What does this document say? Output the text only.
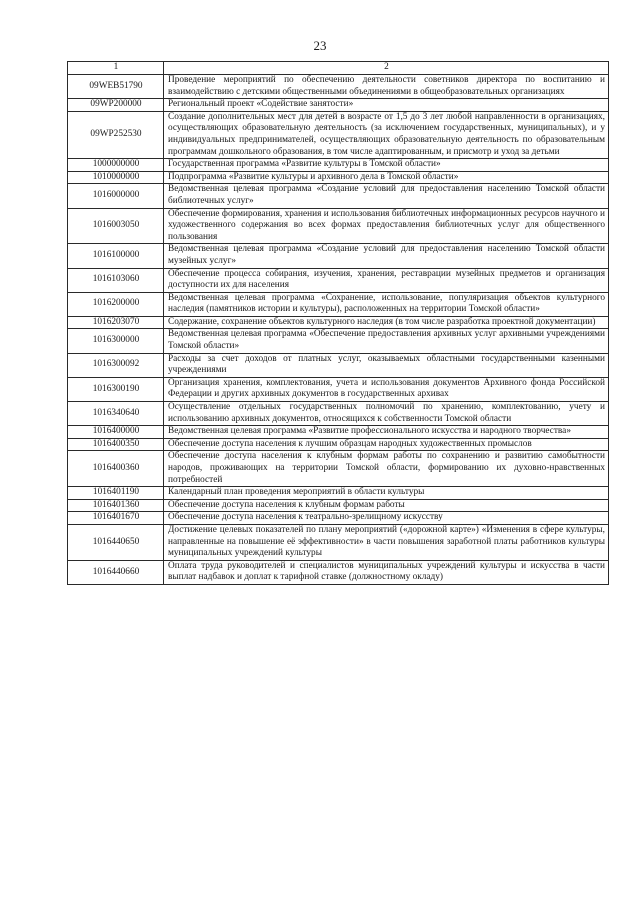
23
1	2
09WEB51790	Проведение мероприятий по обеспечению деятельности советников директора по воспитанию и взаимодействию с детскими общественными объединениями в общеобразовательных организациях
09WP200000	Региональный проект «Содействие занятости»
09WP252530	Создание дополнительных мест для детей в возрасте от 1,5 до 3 лет любой направленности в организациях, осуществляющих образовательную деятельность (за исключением государственных, муниципальных), и у индивидуальных предпринимателей, осуществляющих образовательную деятельность по образовательным программам дошкольного образования, в том числе адаптированным, и присмотр и уход за детьми
1000000000	Государственная программа «Развитие культуры в Томской области»
1010000000	Подпрограмма «Развитие культуры и архивного дела в Томской области»
1016000000	Ведомственная целевая программа «Создание условий для предоставления населению Томской области библиотечных услуг»
1016003050	Обеспечение формирования, хранения и использования библиотечных информационных ресурсов научного и художественного содержания во всех формах предоставления библиотечных услуг для общественного пользования
1016100000	Ведомственная целевая программа «Создание условий для предоставления населению Томской области музейных услуг»
1016103060	Обеспечение процесса собирания, изучения, хранения, реставрации музейных предметов и организация доступности их для населения
1016200000	Ведомственная целевая программа «Сохранение, использование, популяризация объектов культурного наследия (памятников истории и культуры), расположенных на территории Томской области»
1016203070	Содержание, сохранение объектов культурного наследия (в том числе разработка проектной документации)
1016300000	Ведомственная целевая программа «Обеспечение предоставления архивных услуг архивными учреждениями Томской области»
1016300092	Расходы за счет доходов от платных услуг, оказываемых областными государственными казенными учреждениями
1016300190	Организация хранения, комплектования, учета и использования документов Архивного фонда Российской Федерации и других архивных документов в государственных архивах
1016340640	Осуществление отдельных государственных полномочий по хранению, комплектованию, учету и использованию архивных документов, относящихся к собственности Томской области
1016400000	Ведомственная целевая программа «Развитие профессионального искусства и народного творчества»
1016400350	Обеспечение доступа населения к лучшим образцам народных художественных промыслов
1016400360	Обеспечение доступа населения к клубным формам работы по сохранению и развитию самобытности народов, проживающих на территории Томской области, формированию их духовно-нравственных потребностей
1016401190	Календарный план проведения мероприятий в области культуры
1016401360	Обеспечение доступа населения к клубным формам работы
1016401670	Обеспечение доступа населения к театрально-зрелищному искусству
1016440650	Достижение целевых показателей по плану мероприятий («дорожной карте») «Изменения в сфере культуры, направленные на повышение её эффективности» в части повышения заработной платы работников культуры муниципальных учреждений культуры
1016440660	Оплата труда руководителей и специалистов муниципальных учреждений культуры и искусства в части выплат надбавок и доплат к тарифной ставке (должностному окладу)
